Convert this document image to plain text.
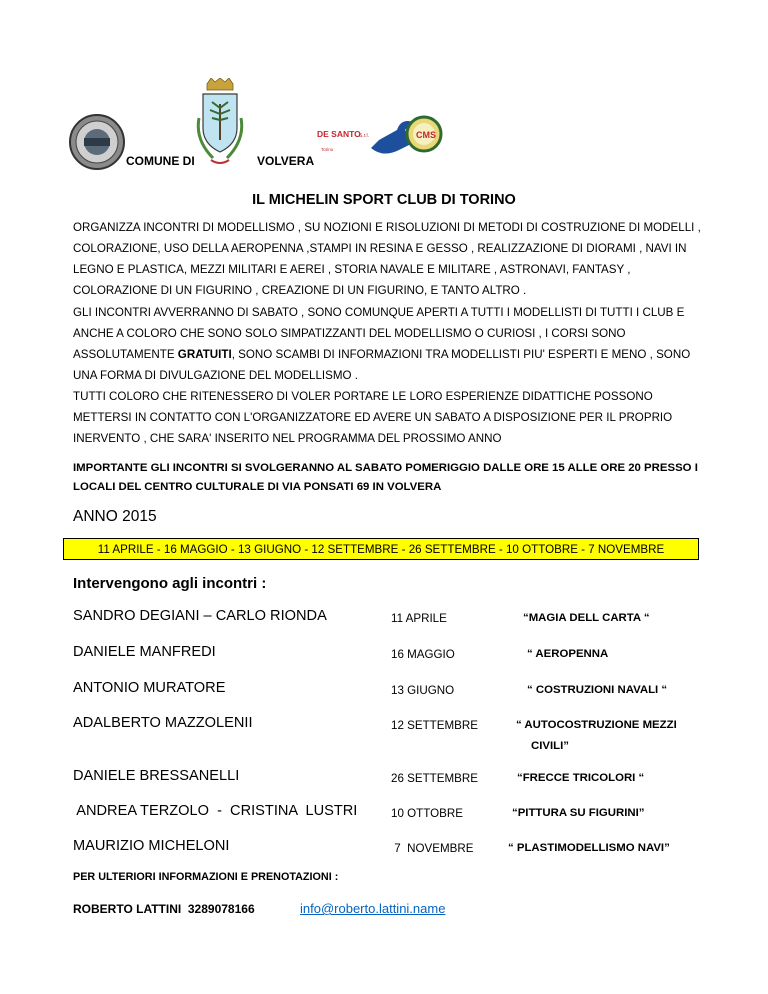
DE SANTO
S.r.l.
Torino
CMS
COMUNE DI	VOLVERA
IL MICHELIN SPORT CLUB DI TORINO
ORGANIZZA INCONTRI DI MODELLISMO , SU NOZIONI E RISOLUZIONI DI METODI DI COSTRUZIONE DI MODELLI , COLORAZIONE, USO DELLA AEROPENNA ,STAMPI IN RESINA E GESSO , REALIZZAZIONE DI DIORAMI , NAVI IN LEGNO E PLASTICA, MEZZI MILITARI E AEREI , STORIA NAVALE E MILITARE , ASTRONAVI, FANTASY , COLORAZIONE DI UN FIGURINO , CREAZIONE DI UN FIGURINO, E TANTO ALTRO .
GLI INCONTRI AVVERRANNO DI SABATO , SONO COMUNQUE APERTI A TUTTI I MODELLISTI DI TUTTI I CLUB E ANCHE A COLORO CHE SONO SOLO SIMPATIZZANTI DEL MODELLISMO O CURIOSI , I CORSI SONO ASSOLUTAMENTE GRATUITI, SONO SCAMBI DI INFORMAZIONI TRA MODELLISTI PIU' ESPERTI E MENO , SONO UNA FORMA DI DIVULGAZIONE DEL MODELLISMO .
TUTTI COLORO CHE RITENESSERO DI VOLER PORTARE LE LORO ESPERIENZE DIDATTICHE POSSONO METTERSI IN CONTATTO CON L'ORGANIZZATORE ED AVERE UN SABATO A DISPOSIZIONE PER IL PROPRIO INERVENTO , CHE SARA' INSERITO NEL PROGRAMMA DEL PROSSIMO ANNO
IMPORTANTE GLI INCONTRI SI SVOLGERANNO AL SABATO POMERIGGIO DALLE ORE 15 ALLE ORE 20 PRESSO I LOCALI DEL CENTRO CULTURALE DI VIA PONSATI 69 IN VOLVERA
ANNO 2015
11 APRILE - 16 MAGGIO - 13 GIUGNO - 12 SETTEMBRE - 26 SETTEMBRE - 10 OTTOBRE - 7 NOVEMBRE
Intervengono agli incontri :
SANDRO DEGIANI – CARLO RIONDA	11 APRILE	“MAGIA DELL CARTA “
DANIELE MANFREDI	16 MAGGIO	“ AEROPENNA
ANTONIO MURATORE	13 GIUGNO	“ COSTRUZIONI NAVALI “
ADALBERTO MAZZOLENII	12 SETTEMBRE	“ AUTOCOSTRUZIONE MEZZI
CIVILI”
DANIELE BRESSANELLI	26 SETTEMBRE	“FRECCE TRICOLORI “
ANDREA TERZOLO  -  CRISTINA  LUSTRI	10 OTTOBRE	“PITTURA SU FIGURINI”
MAURIZIO MICHELONI	7  NOVEMBRE	“ PLASTIMODELLISMO NAVI”
PER ULTERIORI INFORMAZIONI E PRENOTAZIONI :
ROBERTO LATTINI  3289078166	info@roberto.lattini.name
